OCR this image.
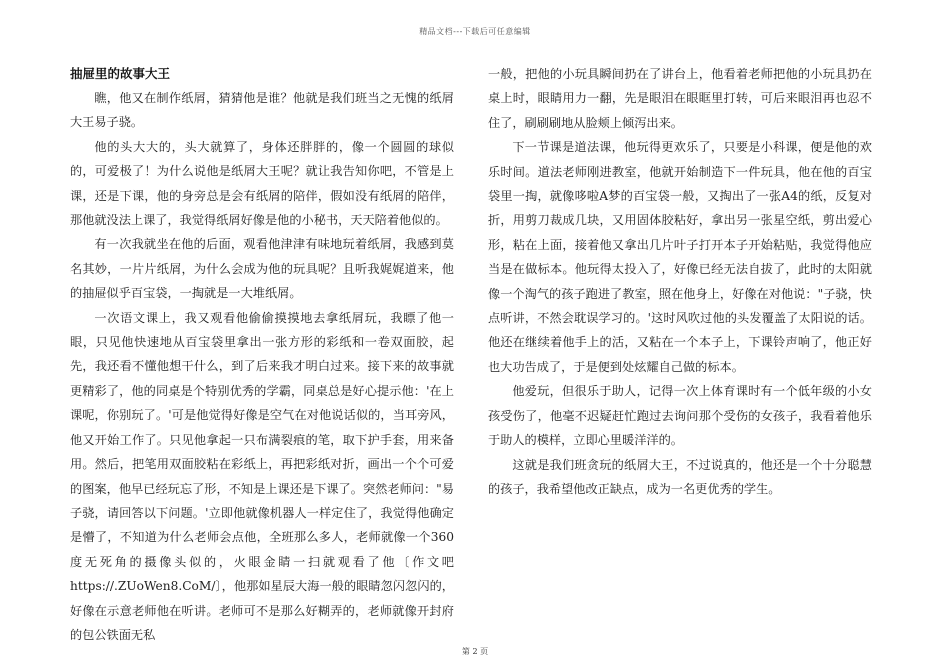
精品文档---下载后可任意编辑
抽屉里的故事大王

瞧，他又在制作纸屑，猜猜他是谁？他就是我们班当之无愧的纸屑大王易子骁。

他的头大大的，头大就算了，身体还胖胖的，像一个圆圆的球似的，可爱极了！为什么说他是纸屑大王呢？就让我告知你吧，不管是上课，还是下课，他的身旁总是会有纸屑的陪伴，假如没有纸屑的陪伴，那他就没法上课了，我觉得纸屑好像是他的小秘书，天天陪着他似的。

有一次我就坐在他的后面，观看他津津有味地玩着纸屑，我感到莫名其妙，一片片纸屑，为什么会成为他的玩具呢？且听我娓娓道来，他的抽屉似乎百宝袋，一掏就是一大堆纸屑。

一次语文课上，我又观看他偷偷摸摸地去拿纸屑玩，我瞟了他一眼，只见他快速地从百宝袋里拿出一张方形的彩纸和一卷双面胶，起先，我还看不懂他想干什么，到了后来我才明白过来。接下来的故事就更精彩了，他的同桌是个特别优秀的学霸，同桌总是好心提示他：'在上课呢，你别玩了。'可是他觉得好像是空气在对他说话似的，当耳旁风，他又开始工作了。只见他拿起一只布满裂痕的笔，取下护手套，用来备用。然后，把笔用双面胶粘在彩纸上，再把彩纸对折，画出一个个可爱的图案，他早已经玩忘了形，不知是上课还是下课了。突然老师问："易子骁，请回答以下问题。'立即他就像机器人一样定住了，我觉得他确定是懵了，不知道为什么老师会点他，全班那么多人，老师就像一个360度无死角的摄像头似的，火眼金睛一扫就观看了他〔作文吧https://.ZUoWen8.CoM/〕，他那如星辰大海一般的眼睛忽闪忽闪的，好像在示意老师他在听讲。老师可不是那么好糊弄的，老师就像开封府的包公铁面无私

一般，把他的小玩具瞬间扔在了讲台上，他看着老师把他的小玩具扔在桌上时，眼睛用力一翻，先是眼泪在眼眶里打转，可后来眼泪再也忍不住了，刷刷刷地从脸颊上倾泻出来。

下一节课是道法课，他玩得更欢乐了，只要是小科课，便是他的欢乐时间。道法老师刚进教室，他就开始制造下一件玩具，他在他的百宝袋里一掏，就像哆啦A梦的百宝袋一般，又掏出了一张A4的纸，反复对折，用剪刀裁成几块，又用固体胶粘好，拿出另一张星空纸，剪出爱心形，粘在上面，接着他又拿出几片叶子打开本子开始粘贴，我觉得他应当是在做标本。他玩得太投入了，好像已经无法自拔了，此时的太阳就像一个淘气的孩子跑进了教室，照在他身上，好像在对他说："子骁，快点听讲，不然会耽误学习的。'这时风吹过他的头发覆盖了太阳说的话。他还在继续着他手上的活，又粘在一个本子上，下课铃声响了，他正好也大功告成了，于是便到处炫耀自己做的标本。

他爱玩，但很乐于助人，记得一次上体育课时有一个低年级的小女孩受伤了，他毫不迟疑赶忙跑过去询问那个受伤的女孩子，我看着他乐于助人的模样，立即心里暖洋洋的。

这就是我们班贪玩的纸屑大王，不过说真的，他还是一个十分聪慧的孩子，我希望他改正缺点，成为一名更优秀的学生。

第 2 页
